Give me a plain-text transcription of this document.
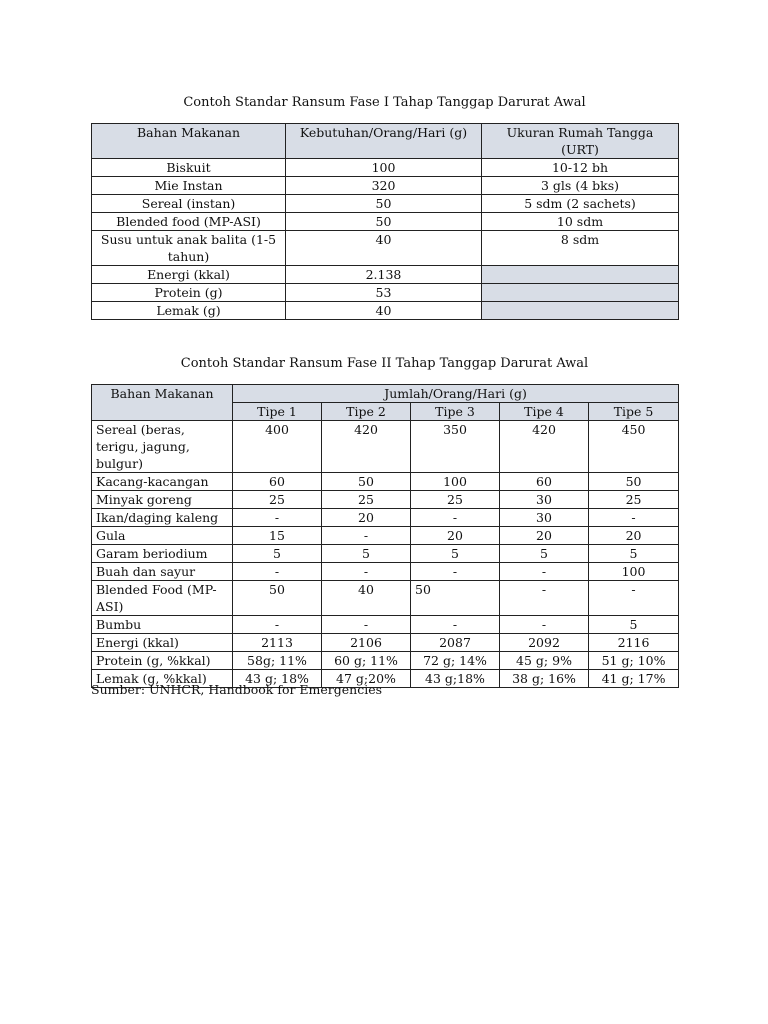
Contoh Standar Ransum Fase I Tahap Tanggap Darurat Awal
Bahan Makanan	Kebutuhan/Orang/Hari (g)	Ukuran Rumah Tangga (URT)
Biskuit	100	10-12 bh
Mie Instan	320	3 gls (4 bks)
Sereal (instan)	50	5 sdm (2 sachets)
Blended food (MP-ASI)	50	10 sdm
Susu untuk anak balita (1-5 tahun)	40	8 sdm
Energi (kkal)	2.138	
Protein (g)	53	
Lemak (g)	40	
Contoh Standar Ransum Fase II Tahap Tanggap Darurat Awal
Bahan Makanan	Jumlah/Orang/Hari (g)				
	Tipe 1	Tipe 2	Tipe 3	Tipe 4	Tipe 5
Sereal (beras, terigu, jagung, bulgur)	400	420	350	420	450
Kacang-kacangan	60	50	100	60	50
Minyak goreng	25	25	25	30	25
Ikan/daging kaleng	-	20	-	30	-
Gula	15	-	20	20	20
Garam beriodium	5	5	5	5	5
Buah dan sayur	-	-	-	-	100
Blended Food (MP-ASI)	50	40	50	-	-
Bumbu	-	-	-	-	5
Energi (kkal)	2113	2106	2087	2092	2116
Protein (g, %kkal)	58g; 11%	60 g; 11%	72 g; 14%	45 g; 9%	51 g; 10%
Lemak (g, %kkal)	43 g; 18%	47 g;20%	43 g;18%	38 g; 16%	41 g; 17%
Sumber: UNHCR, Handbook for Emergencies
